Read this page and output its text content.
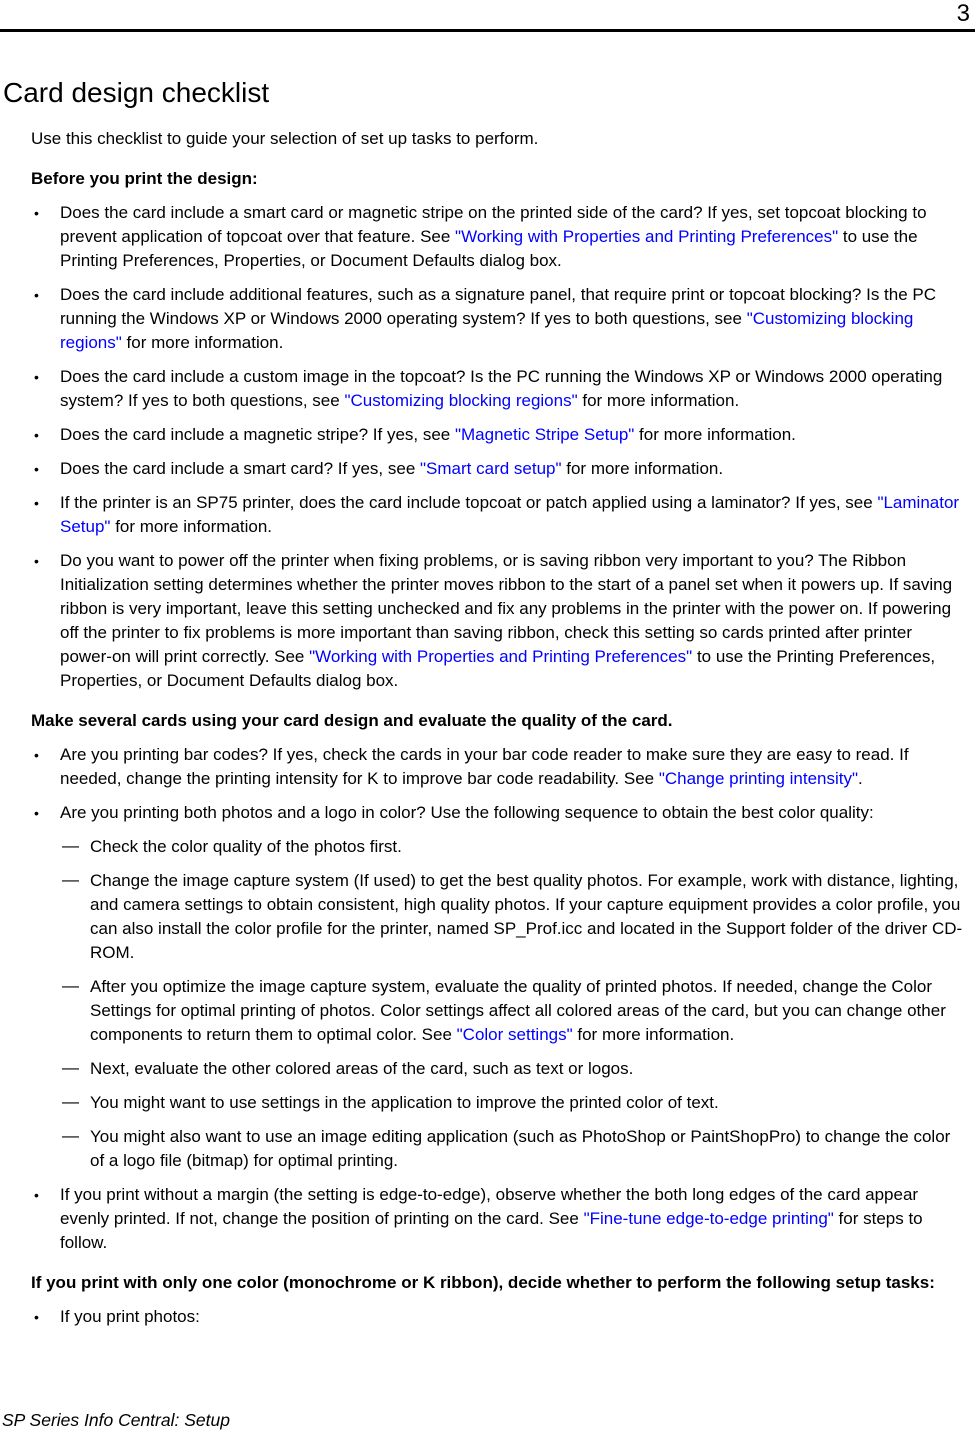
3
Card design checklist
Use this checklist to guide your selection of set up tasks to perform.
Before you print the design:
• Does the card include a smart card or magnetic stripe on the printed side of the card? If yes, set topcoat blocking to prevent application of topcoat over that feature. See "Working with Properties and Printing Preferences" to use the Printing Preferences, Properties, or Document Defaults dialog box.
• Does the card include additional features, such as a signature panel, that require print or topcoat blocking? Is the PC running the Windows XP or Windows 2000 operating system? If yes to both questions, see "Customizing blocking regions" for more information.
• Does the card include a custom image in the topcoat? Is the PC running the Windows XP or Windows 2000 operating system? If yes to both questions, see "Customizing blocking regions" for more information.
• Does the card include a magnetic stripe? If yes, see "Magnetic Stripe Setup" for more information.
• Does the card include a smart card? If yes, see "Smart card setup" for more information.
• If the printer is an SP75 printer, does the card include topcoat or patch applied using a laminator? If yes, see "Laminator Setup" for more information.
• Do you want to power off the printer when fixing problems, or is saving ribbon very important to you? The Ribbon Initialization setting determines whether the printer moves ribbon to the start of a panel set when it powers up. If saving ribbon is very important, leave this setting unchecked and fix any problems in the printer with the power on. If powering off the printer to fix problems is more important than saving ribbon, check this setting so cards printed after printer power-on will print correctly. See "Working with Properties and Printing Preferences" to use the Printing Preferences, Properties, or Document Defaults dialog box.
Make several cards using your card design and evaluate the quality of the card.
• Are you printing bar codes? If yes, check the cards in your bar code reader to make sure they are easy to read. If needed, change the printing intensity for K to improve bar code readability. See "Change printing intensity".
• Are you printing both photos and a logo in color? Use the following sequence to obtain the best color quality:
— Check the color quality of the photos first.
— Change the image capture system (If used) to get the best quality photos. For example, work with distance, lighting, and camera settings to obtain consistent, high quality photos. If your capture equipment provides a color profile, you can also install the color profile for the printer, named SP_Prof.icc and located in the Support folder of the driver CD-ROM.
— After you optimize the image capture system, evaluate the quality of printed photos. If needed, change the Color Settings for optimal printing of photos. Color settings affect all colored areas of the card, but you can change other components to return them to optimal color. See "Color settings" for more information.
— Next, evaluate the other colored areas of the card, such as text or logos.
— You might want to use settings in the application to improve the printed color of text.
— You might also want to use an image editing application (such as PhotoShop or PaintShopPro) to change the color of a logo file (bitmap) for optimal printing.
• If you print without a margin (the setting is edge-to-edge), observe whether the both long edges of the card appear evenly printed. If not, change the position of printing on the card. See "Fine-tune edge-to-edge printing" for steps to follow.
If you print with only one color (monochrome or K ribbon), decide whether to perform the following setup tasks:
• If you print photos:
SP Series Info Central: Setup
